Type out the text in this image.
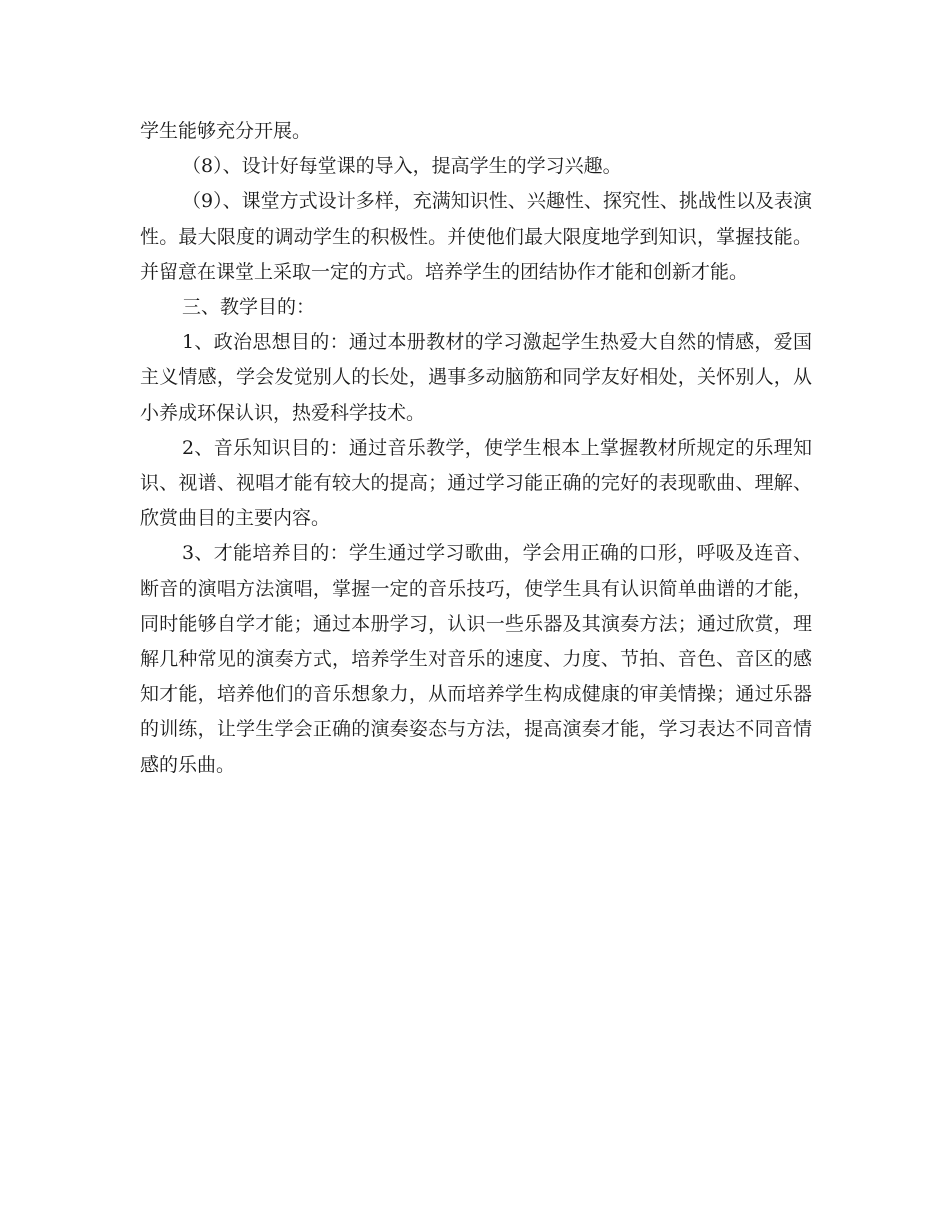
学生能够充分开展。

（8）、设计好每堂课的导入，提高学生的学习兴趣。

（9）、课堂方式设计多样，充满知识性、兴趣性、探究性、挑战性以及表演性。最大限度的调动学生的积极性。并使他们最大限度地学到知识，掌握技能。并留意在课堂上采取一定的方式。培养学生的团结协作才能和创新才能。

三、教学目的：

1、政治思想目的：通过本册教材的学习激起学生热爱大自然的情感，爱国主义情感，学会发觉别人的长处，遇事多动脑筋和同学友好相处，关怀别人，从小养成环保认识，热爱科学技术。

2、音乐知识目的：通过音乐教学，使学生根本上掌握教材所规定的乐理知识、视谱、视唱才能有较大的提高；通过学习能正确的完好的表现歌曲、理解、欣赏曲目的主要内容。

3、才能培养目的：学生通过学习歌曲，学会用正确的口形，呼吸及连音、断音的演唱方法演唱，掌握一定的音乐技巧，使学生具有认识简单曲谱的才能，同时能够自学才能；通过本册学习，认识一些乐器及其演奏方法；通过欣赏，理解几种常见的演奏方式，培养学生对音乐的速度、力度、节拍、音色、音区的感知才能，培养他们的音乐想象力，从而培养学生构成健康的审美情操；通过乐器的训练，让学生学会正确的演奏姿态与方法，提高演奏才能，学习表达不同音情感的乐曲。
